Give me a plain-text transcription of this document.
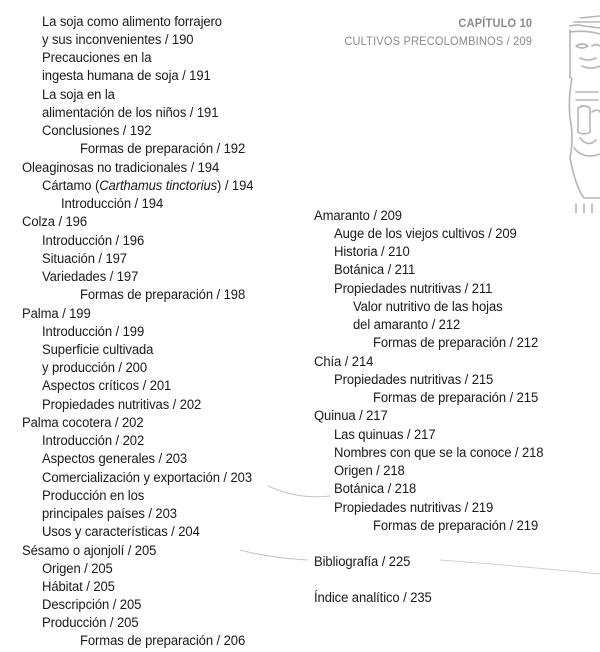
CAPÍTULO 10
CULTIVOS PRECOLOMBINOS / 209
La soja como alimento forrajero
y sus inconvenientes / 190
Precauciones en la
ingesta humana de soja / 191
La soja en la
alimentación de los niños / 191
Conclusiones / 192
Formas de preparación / 192
Oleaginosas no tradicionales / 194
Cártamo (Carthamus tinctorius) / 194
Introducción / 194
Colza / 196
Introducción / 196
Situación / 197
Variedades / 197
Formas de preparación / 198
Palma / 199
Introducción / 199
Superficie cultivada
y producción / 200
Aspectos críticos / 201
Propiedades nutritivas / 202
Palma cocotera / 202
Introducción / 202
Aspectos generales / 203
Comercialización y exportación / 203
Producción en los
principales países / 203
Usos y características / 204
Sésamo o ajonjolí / 205
Origen / 205
Hábitat / 205
Descripción / 205
Producción / 205
Formas de preparación / 206
Amaranto / 209
Auge de los viejos cultivos / 209
Historia / 210
Botánica / 211
Propiedades nutritivas / 211
Valor nutritivo de las hojas
del amaranto / 212
Formas de preparación / 212
Chía / 214
Propiedades nutritivas / 215
Formas de preparación / 215
Quinua / 217
Las quinuas / 217
Nombres con que se la conoce / 218
Origen / 218
Botánica / 218
Propiedades nutritivas / 219
Formas de preparación / 219
Bibliografía / 225
Índice analítico / 235
